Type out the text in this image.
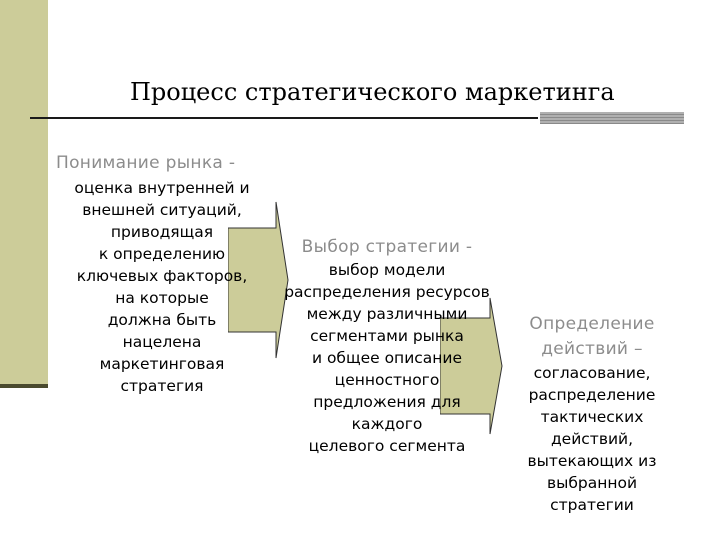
Процесс стратегического маркетинга
Понимание рынка -
оценка внутренней и
внешней ситуаций,
приводящая
к определению
ключевых факторов,
на которые
должна быть
нацелена
маркетинговая
стратегия
Выбор стратегии -
выбор модели
распределения ресурсов
между различными
сегментами рынка
и общее описание
ценностного
предложения для
каждого
целевого сегмента
Определение
действий –
согласование,
распределение
тактических
действий,
вытекающих из
выбранной
стратегии
